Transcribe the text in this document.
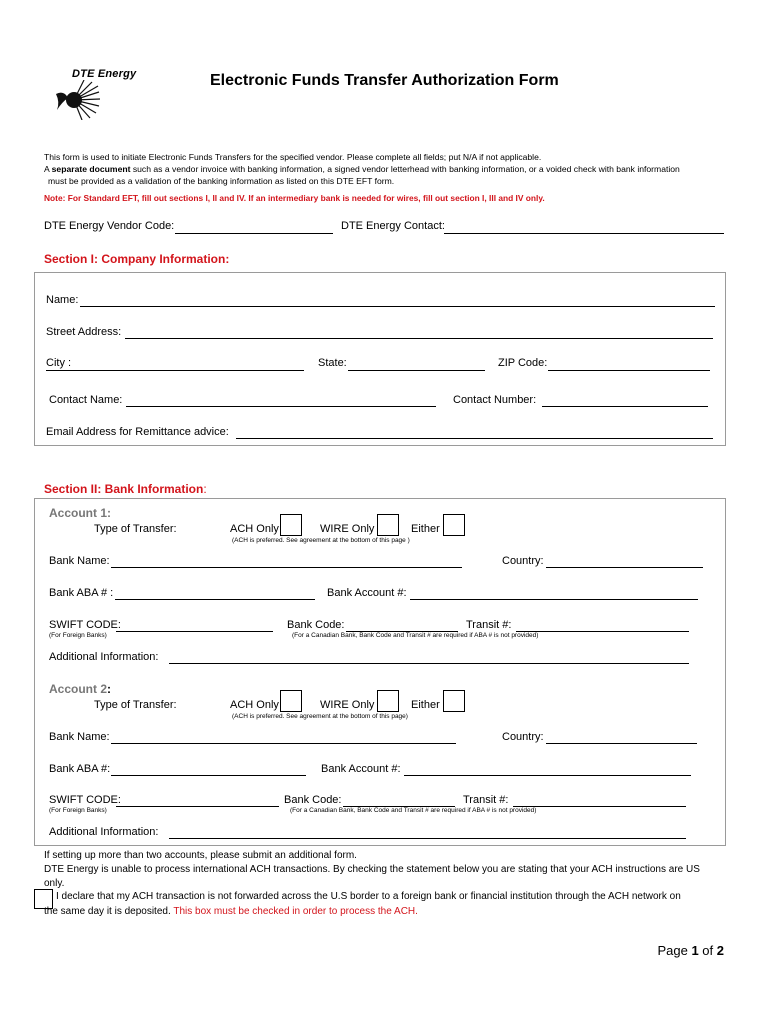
DTE Energy	Electronic Funds Transfer Authorization Form
This form is used to initiate Electronic Funds Transfers for the specified vendor. Please complete all fields; put N/A if not applicable.
A separate document such as a vendor invoice with banking information, a signed vendor letterhead with banking information, or a voided check with bank information
must be provided as a validation of the banking information as listed on this DTE EFT form.
Note: For Standard EFT, fill out sections I, II and IV. If an intermediary bank is needed for wires, fill out section I, III and IV only.
DTE Energy Vendor Code:	DTE Energy Contact:
Section I: Company Information:
Name:
Street Address:
City :	State:	ZIP Code:
Contact Name:	Contact Number:
Email Address for Remittance advice:
Section II: Bank Information:
Account 1:
Type of Transfer:	ACH Only	WIRE Only	Either
(ACH is preferred. See agreement at the bottom of this page )
Bank Name:	Country:
Bank ABA # :	Bank Account #:
SWIFT CODE:	Bank Code:	Transit #:
(For Foreign Banks)	(For a Canadian Bank, Bank Code and Transit # are required if ABA # is not provided)
Additional Information:
Account 2:
Type of Transfer:	ACH Only	WIRE Only	Either
(ACH is preferred. See agreement at the bottom of this page)
Bank Name:	Country:
Bank ABA #:	Bank Account #:
SWIFT CODE:	Bank Code:	Transit #:
(For Foreign Banks)	(For a Canadian Bank, Bank Code and Transit # are required if ABA # is not provided)
Additional Information:
If setting up more than two accounts, please submit an additional form.
DTE Energy is unable to process international ACH transactions. By checking the statement below you are stating that your ACH instructions are US
only.
I declare that my ACH transaction is not forwarded across the U.S border to a foreign bank or financial institution through the ACH network on
the same day it is deposited. This box must be checked in order to process the ACH.
Page 1 of 2
